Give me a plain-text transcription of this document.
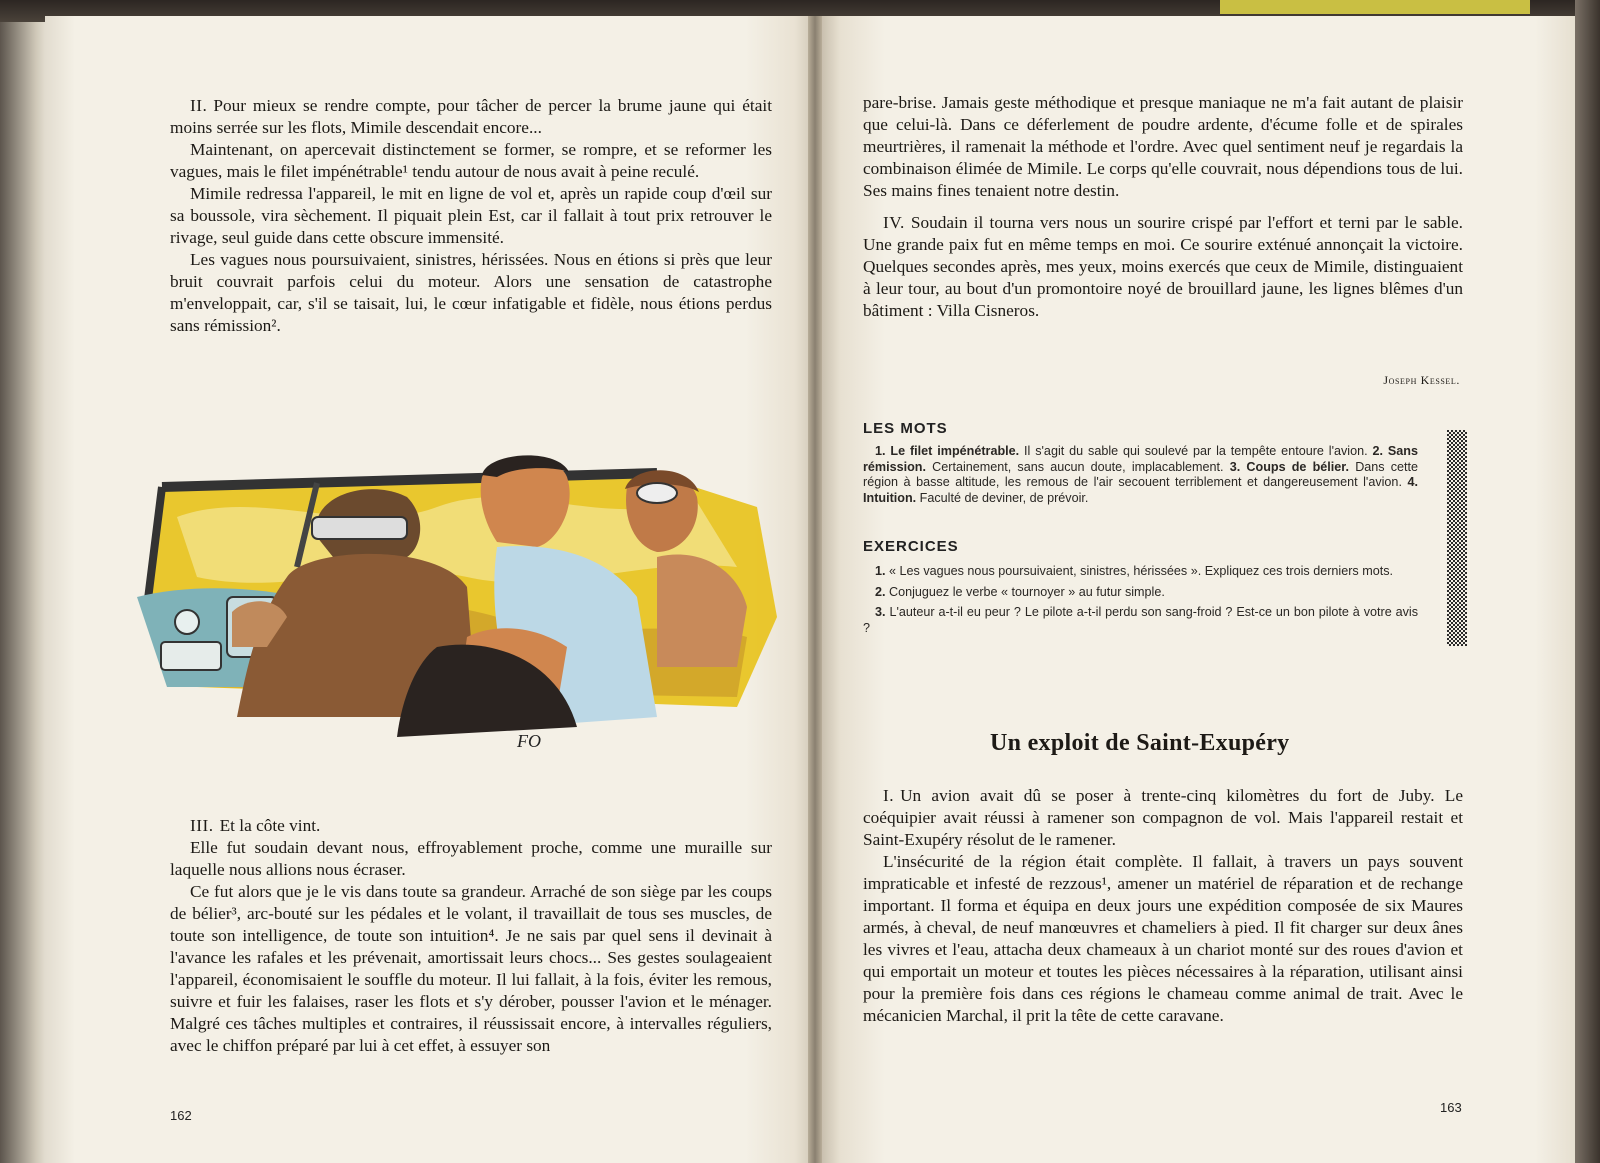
II. Pour mieux se rendre compte, pour tâcher de percer la brume jaune qui était moins serrée sur les flots, Mimile descendait encore...

Maintenant, on apercevait distinctement se former, se rompre, et se reformer les vagues, mais le filet impénétrable¹ tendu autour de nous avait à peine reculé.

Mimile redressa l'appareil, le mit en ligne de vol et, après un rapide coup d'œil sur sa boussole, vira sèchement. Il piquait plein Est, car il fallait à tout prix retrouver le rivage, seul guide dans cette obscure immensité.

Les vagues nous poursuivaient, sinistres, hérissées. Nous en étions si près que leur bruit couvrait parfois celui du moteur. Alors une sensation de catastrophe m'enveloppait, car, s'il se taisait, lui, le cœur infatigable et fidèle, nous étions perdus sans rémission².

FO

III. Et la côte vint.

Elle fut soudain devant nous, effroyablement proche, comme une muraille sur laquelle nous allions nous écraser.

Ce fut alors que je le vis dans toute sa grandeur. Arraché de son siège par les coups de bélier³, arc-bouté sur les pédales et le volant, il travaillait de tous ses muscles, de toute son intelligence, de toute son intuition⁴. Je ne sais par quel sens il devinait à l'avance les rafales et les prévenait, amortissait leurs chocs... Ses gestes soulageaient l'appareil, économisaient le souffle du moteur. Il lui fallait, à la fois, éviter les remous, suivre et fuir les falaises, raser les flots et s'y dérober, pousser l'avion et le ménager. Malgré ces tâches multiples et contraires, il réussissait encore, à intervalles réguliers, avec le chiffon préparé par lui à cet effet, à essuyer son

162

pare-brise. Jamais geste méthodique et presque maniaque ne m'a fait autant de plaisir que celui-là. Dans ce déferlement de poudre ardente, d'écume folle et de spirales meurtrières, il ramenait la méthode et l'ordre. Avec quel sentiment neuf je regardais la combinaison élimée de Mimile. Le corps qu'elle couvrait, nous dépendions tous de lui. Ses mains fines tenaient notre destin.

IV. Soudain il tourna vers nous un sourire crispé par l'effort et terni par le sable. Une grande paix fut en même temps en moi. Ce sourire exténué annonçait la victoire. Quelques secondes après, mes yeux, moins exercés que ceux de Mimile, distinguaient à leur tour, au bout d'un promontoire noyé de brouillard jaune, les lignes blêmes d'un bâtiment : Villa Cisneros.

Joseph Kessel.
LES MOTS

1. Le filet impénétrable. Il s'agit du sable qui soulevé par la tempête entoure l'avion. 2. Sans rémission. Certainement, sans aucun doute, implacablement. 3. Coups de bélier. Dans cette région à basse altitude, les remous de l'air secouent terriblement et dangereusement l'avion. 4. Intuition. Faculté de deviner, de prévoir.

EXERCICES

1. « Les vagues nous poursuivaient, sinistres, hérissées ». Expliquez ces trois derniers mots.

2. Conjuguez le verbe « tournoyer » au futur simple.

3. L'auteur a-t-il eu peur ? Le pilote a-t-il perdu son sang-froid ? Est-ce un bon pilote à votre avis ?

Un exploit de Saint-Exupéry

I. Un avion avait dû se poser à trente-cinq kilomètres du fort de Juby. Le coéquipier avait réussi à ramener son compagnon de vol. Mais l'appareil restait et Saint-Exupéry résolut de le ramener.

L'insécurité de la région était complète. Il fallait, à travers un pays souvent impraticable et infesté de rezzous¹, amener un matériel de réparation et de rechange important. Il forma et équipa en deux jours une expédition composée de six Maures armés, à cheval, de neuf manœuvres et chameliers à pied. Il fit charger sur deux ânes les vivres et l'eau, attacha deux chameaux à un chariot monté sur des roues d'avion et qui emportait un moteur et toutes les pièces nécessaires à la réparation, utilisant ainsi pour la première fois dans ces régions le chameau comme animal de trait. Avec le mécanicien Marchal, il prit la tête de cette caravane.

163
